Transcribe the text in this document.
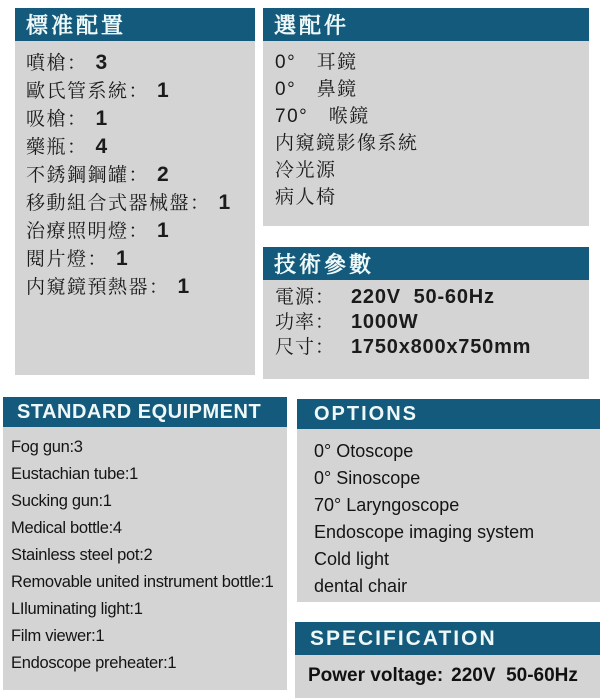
標准配置
噴槍： 3
歐氏管系統： 1
吸槍： 1
藥瓶： 4
不銹鋼鋼罐： 2
移動組合式器械盤： 1
治療照明燈： 1
閱片燈： 1
内窺鏡預熱器： 1
選配件
0°　耳鏡
0°　鼻鏡
70°　喉鏡
内窺鏡影像系統
冷光源
病人椅
技術參數
電源： 220V  50-60Hz
功率： 1000W
尺寸： 1750x800x750mm
STANDARD EQUIPMENT
Fog gun:3
Eustachian tube:1
Sucking gun:1
Medical bottle:4
Stainless steel pot:2
Removable united instrument bottle:1
LIluminating light:1
Film viewer:1
Endoscope preheater:1
OPTIONS
0° Otoscope
0° Sinoscope
70° Laryngoscope
Endoscope imaging system
Cold light
dental chair
SPECIFICATION
Power voltage: 220V  50-60Hz
